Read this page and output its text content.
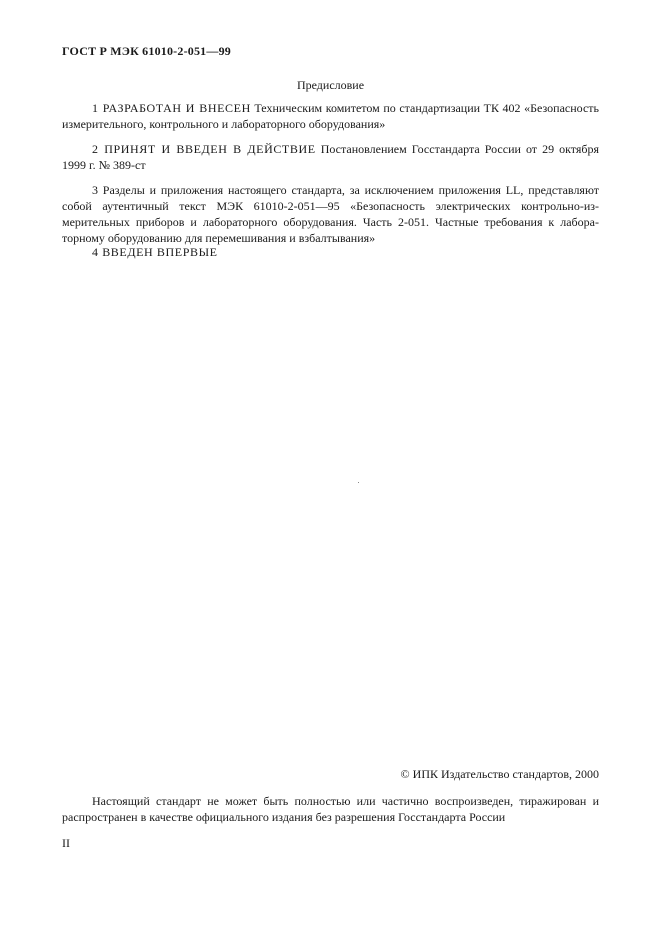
ГОСТ Р МЭК 61010-2-051—99
Предисловие

1 РАЗРАБОТАН И ВНЕСЕН Техническим комитетом по стандартизации ТК 402 «Безопасность измерительного, контрольного и лабораторного оборудования»

2 ПРИНЯТ И ВВЕДЕН В ДЕЙСТВИЕ Постановлением Госстандарта России от 29 октября 1999 г. № 389-ст

3 Разделы и приложения настоящего стандарта, за исключением приложения LL, представляют собой аутентичный текст МЭК 61010-2-051—95 «Безопасность электрических контрольно-измерительных приборов и лабораторного оборудования. Часть 2-051. Частные требования к лабораторному оборудованию для перемешивания и взбалтывания»

4 ВВЕДЕН ВПЕРВЫЕ

© ИПК Издательство стандартов, 2000

Настоящий стандарт не может быть полностью или частично воспроизведен, тиражирован и распространен в качестве официального издания без разрешения Госстандарта России

II
